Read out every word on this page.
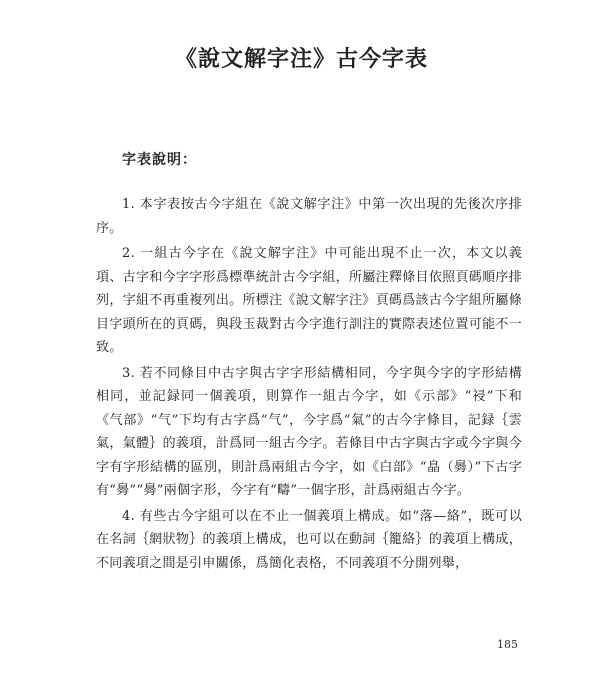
《說文解字注》古今字表
字表說明：

1. 本字表按古今字組在《說文解字注》中第一次出現的先後次序排序。

2. 一組古今字在《說文解字注》中可能出現不止一次，本文以義項、古字和今字字形爲標準統計古今字組，所屬注釋條目依照頁碼順序排列，字組不再重複列出。所標注《說文解字注》頁碼爲該古今字組所屬條目字頭所在的頁碼，與段玉裁對古今字進行訓注的實際表述位置可能不一致。

3. 若不同條目中古字與古字字形結構相同，今字與今字的字形結構相同，並記録同一個義項，則算作一組古今字，如《示部》“祲”下和《气部》“气”下均有古字爲“气”，今字爲“氣”的古今字條目，記録｛雲氣，氣體｝的義項，計爲同一組古今字。若條目中古字與古字或今字與今字有字形結構的區別，則計爲兩組古今字，如《白部》“皛（臱）”下古字有“臱”“臱”兩個字形，今字有“疇”一個字形，計爲兩組古今字。

4. 有些古今字組可以在不止一個義項上構成。如“落—絡”，既可以在名詞｛網狀物｝的義項上構成，也可以在動詞｛籠絡｝的義項上構成，不同義項之間是引申關係，爲簡化表格，不同義項不分開列舉，

185
